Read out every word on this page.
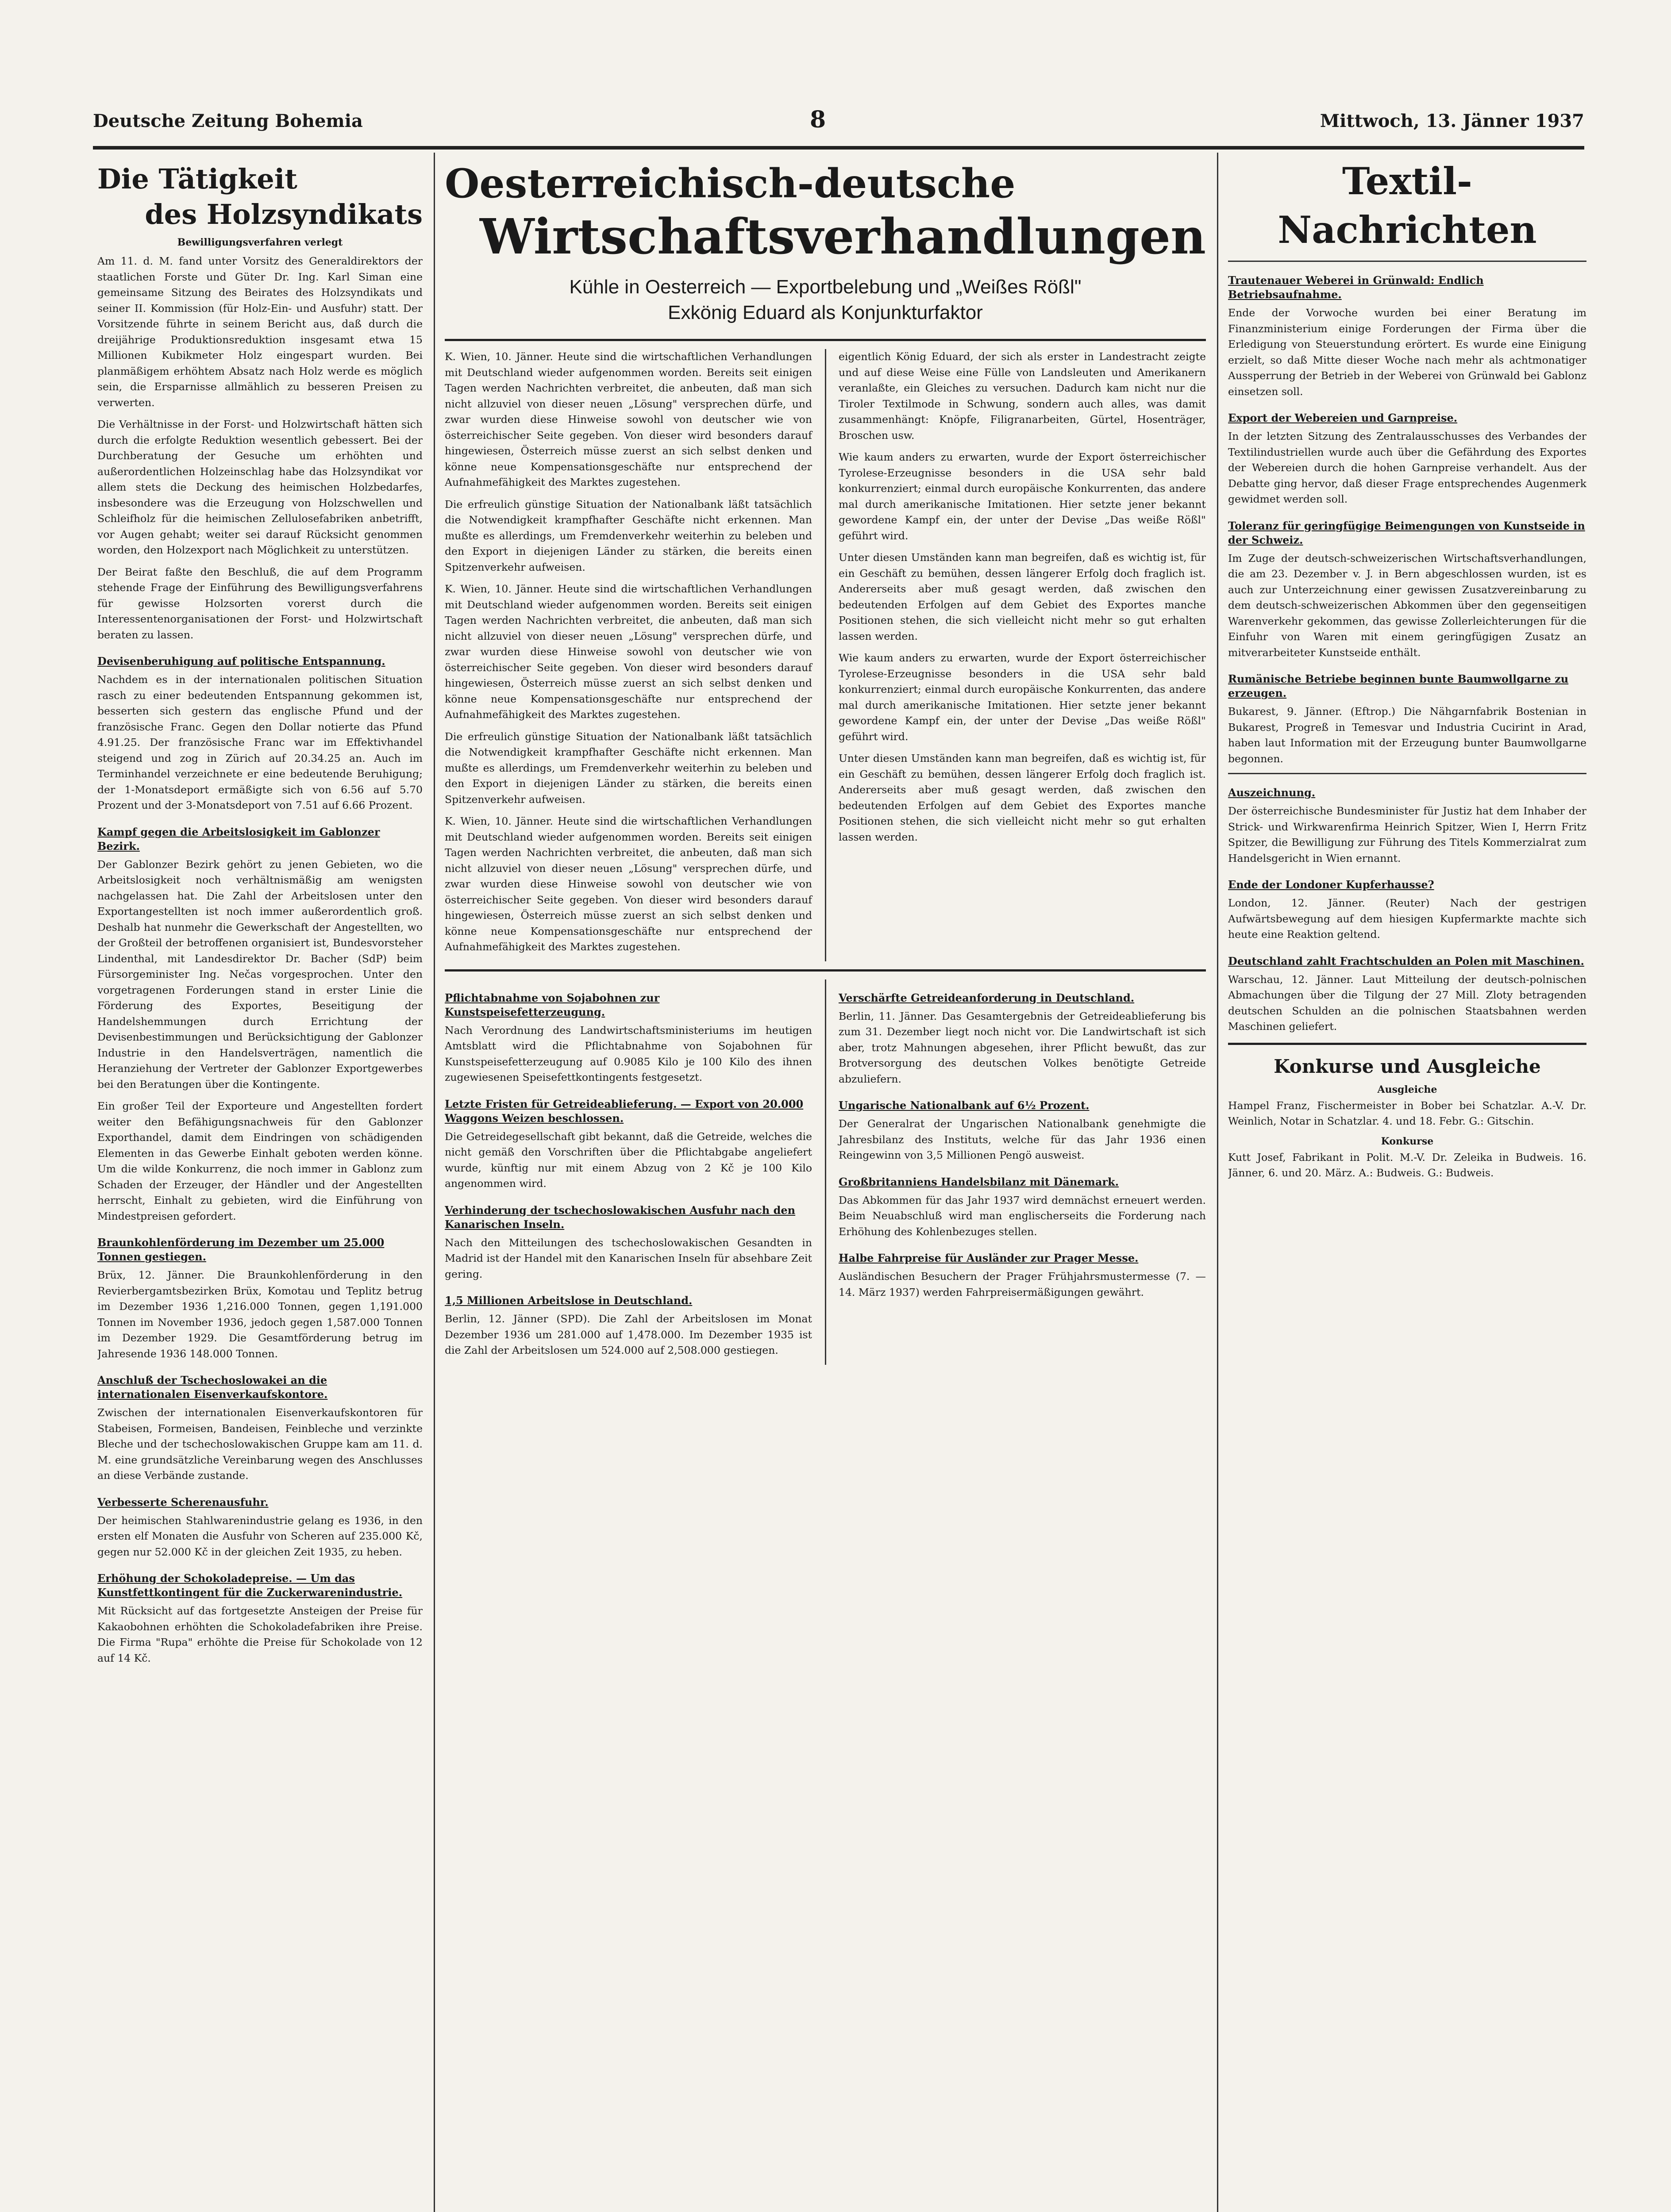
Deutsche Zeitung Bohemia	8	Mittwoch, 13. Jänner 1937
Die Tätigkeit
des Holzsyndikats
Bewilligungsverfahren verlegt

Am 11. d. M. fand unter Vorsitz des Generaldirektors der staatlichen Forste und Güter Dr. Ing. Karl Siman eine gemeinsame Sitzung des Beirates des Holzsyndikats und seiner II. Kommission (für Holz-Ein- und Ausfuhr) statt. Der Vorsitzende führte in seinem Bericht aus, daß durch die dreijährige Produktionsreduktion insgesamt etwa 15 Millionen Kubikmeter Holz eingespart wurden. Bei planmäßigem erhöhtem Absatz nach Holz werde es möglich sein, die Ersparnisse allmählich zu besseren Preisen zu verwerten.

Die Verhältnisse in der Forst- und Holzwirtschaft hätten sich durch die erfolgte Reduktion wesentlich gebessert. Bei der Durchberatung der Gesuche um erhöhten und außerordentlichen Holzeinschlag habe das Holzsyndikat vor allem stets die Deckung des heimischen Holzbedarfes, insbesondere was die Erzeugung von Holzschwellen und Schleifholz für die heimischen Zellulosefabriken anbetrifft, vor Augen gehabt; weiter sei darauf Rücksicht genommen worden, den Holzexport nach Möglichkeit zu unterstützen.

Der Beirat faßte den Beschluß, die auf dem Programm stehende Frage der Einführung des Bewilligungsverfahrens für gewisse Holzsorten vorerst durch die Interessentenorganisationen der Forst- und Holzwirtschaft beraten zu lassen.

Devisenberuhigung auf politische Entspannung.

Nachdem es in der internationalen politischen Situation rasch zu einer bedeutenden Entspannung gekommen ist, besserten sich gestern das englische Pfund und der französische Franc. Gegen den Dollar notierte das Pfund 4.91.25. Der französische Franc war im Effektivhandel steigend und zog in Zürich auf 20.34.25 an. Auch im Terminhandel verzeichnete er eine bedeutende Beruhigung; der 1-Monatsdeport ermäßigte sich von 6.56 auf 5.70 Prozent und der 3-Monatsdeport von 7.51 auf 6.66 Prozent.

Kampf gegen die Arbeitslosigkeit im Gablonzer Bezirk.

Der Gablonzer Bezirk gehört zu jenen Gebieten, wo die Arbeitslosigkeit noch verhältnismäßig am wenigsten nachgelassen hat. Die Zahl der Arbeitslosen unter den Exportangestellten ist noch immer außerordentlich groß. Deshalb hat nunmehr die Gewerkschaft der Angestellten, wo der Großteil der betroffenen organisiert ist, Bundesvorsteher Lindenthal, mit Landesdirektor Dr. Bacher (SdP) beim Fürsorgeminister Ing. Nečas vorgesprochen. Unter den vorgetragenen Forderungen stand in erster Linie die Förderung des Exportes, Beseitigung der Handelshemmungen durch Errichtung der Devisenbestimmungen und Berücksichtigung der Gablonzer Industrie in den Handelsverträgen, namentlich die Heranziehung der Vertreter der Gablonzer Exportgewerbes bei den Beratungen über die Kontingente.

Ein großer Teil der Exporteure und Angestellten fordert weiter den Befähigungsnachweis für den Gablonzer Exporthandel, damit dem Eindringen von schädigenden Elementen in das Gewerbe Einhalt geboten werden könne. Um die wilde Konkurrenz, die noch immer in Gablonz zum Schaden der Erzeuger, der Händler und der Angestellten herrscht, Einhalt zu gebieten, wird die Einführung von Mindestpreisen gefordert.

Braunkohlenförderung im Dezember um 25.000 Tonnen gestiegen.

Brüx, 12. Jänner. Die Braunkohlenförderung in den Revierbergamtsbezirken Brüx, Komotau und Teplitz betrug im Dezember 1936 1,216.000 Tonnen, gegen 1,191.000 Tonnen im November 1936, jedoch gegen 1,587.000 Tonnen im Dezember 1929. Die Gesamtförderung betrug im Jahresende 1936 148.000 Tonnen.

Anschluß der Tschechoslowakei an die internationalen Eisenverkaufskontore.

Zwischen der internationalen Eisenverkaufskontoren für Stabeisen, Formeisen, Bandeisen, Feinbleche und verzinkte Bleche und der tschechoslowakischen Gruppe kam am 11. d. M. eine grundsätzliche Vereinbarung wegen des Anschlusses an diese Verbände zustande.

Verbesserte Scherenausfuhr.

Der heimischen Stahlwarenindustrie gelang es 1936, in den ersten elf Monaten die Ausfuhr von Scheren auf 235.000 Kč, gegen nur 52.000 Kč in der gleichen Zeit 1935, zu heben.

Erhöhung der Schokoladepreise. — Um das Kunstfettkontingent für die Zuckerwarenindustrie.

Mit Rücksicht auf das fortgesetzte Ansteigen der Preise für Kakaobohnen erhöhten die Schokoladefabriken ihre Preise. Die Firma "Rupa" erhöhte die Preise für Schokolade von 12 auf 14 Kč.

Oesterreichisch-deutsche
Wirtschaftsverhandlungen
Kühle in Oesterreich — Exportbelebung und „Weißes Rößl"
Exkönig Eduard als Konjunkturfaktor

K. Wien, 10. Jänner. Heute sind die wirtschaftlichen Verhandlungen mit Deutschland wieder aufgenommen worden. Bereits seit einigen Tagen werden Nachrichten verbreitet, die anbeuten, daß man sich nicht allzuviel von dieser neuen „Lösung" versprechen dürfe, und zwar wurden diese Hinweise sowohl von deutscher wie von österreichischer Seite gegeben. Von dieser wird besonders darauf hingewiesen, Österreich müsse zuerst an sich selbst denken und könne neue Kompensationsgeschäfte nur entsprechend der Aufnahmefähigkeit des Marktes zugestehen.

Die erfreulich günstige Situation der Nationalbank läßt tatsächlich die Notwendigkeit krampfhafter Geschäfte nicht erkennen. Man mußte es allerdings, um Fremdenverkehr weiterhin zu beleben und den Export in diejenigen Länder zu stärken, die bereits einen Spitzenverkehr aufweisen.

K. Wien, 10. Jänner. Heute sind die wirtschaftlichen Verhandlungen mit Deutschland wieder aufgenommen worden. Bereits seit einigen Tagen werden Nachrichten verbreitet, die anbeuten, daß man sich nicht allzuviel von dieser neuen „Lösung" versprechen dürfe, und zwar wurden diese Hinweise sowohl von deutscher wie von österreichischer Seite gegeben. Von dieser wird besonders darauf hingewiesen, Österreich müsse zuerst an sich selbst denken und könne neue Kompensationsgeschäfte nur entsprechend der Aufnahmefähigkeit des Marktes zugestehen.

Die erfreulich günstige Situation der Nationalbank läßt tatsächlich die Notwendigkeit krampfhafter Geschäfte nicht erkennen. Man mußte es allerdings, um Fremdenverkehr weiterhin zu beleben und den Export in diejenigen Länder zu stärken, die bereits einen Spitzenverkehr aufweisen.

K. Wien, 10. Jänner. Heute sind die wirtschaftlichen Verhandlungen mit Deutschland wieder aufgenommen worden. Bereits seit einigen Tagen werden Nachrichten verbreitet, die anbeuten, daß man sich nicht allzuviel von dieser neuen „Lösung" versprechen dürfe, und zwar wurden diese Hinweise sowohl von deutscher wie von österreichischer Seite gegeben. Von dieser wird besonders darauf hingewiesen, Österreich müsse zuerst an sich selbst denken und könne neue Kompensationsgeschäfte nur entsprechend der Aufnahmefähigkeit des Marktes zugestehen.

eigentlich König Eduard, der sich als erster in Landestracht zeigte und auf diese Weise eine Fülle von Landsleuten und Amerikanern veranlaßte, ein Gleiches zu versuchen. Dadurch kam nicht nur die Tiroler Textilmode in Schwung, sondern auch alles, was damit zusammenhängt: Knöpfe, Filigranarbeiten, Gürtel, Hosenträger, Broschen usw.

Wie kaum anders zu erwarten, wurde der Export österreichischer Tyrolese-Erzeugnisse besonders in die USA sehr bald konkurrenziert; einmal durch europäische Konkurrenten, das andere mal durch amerikanische Imitationen. Hier setzte jener bekannt gewordene Kampf ein, der unter der Devise „Das weiße Rößl" geführt wird.

Unter diesen Umständen kann man begreifen, daß es wichtig ist, für ein Geschäft zu bemühen, dessen längerer Erfolg doch fraglich ist. Andererseits aber muß gesagt werden, daß zwischen den bedeutenden Erfolgen auf dem Gebiet des Exportes manche Positionen stehen, die sich vielleicht nicht mehr so gut erhalten lassen werden.

Wie kaum anders zu erwarten, wurde der Export österreichischer Tyrolese-Erzeugnisse besonders in die USA sehr bald konkurrenziert; einmal durch europäische Konkurrenten, das andere mal durch amerikanische Imitationen. Hier setzte jener bekannt gewordene Kampf ein, der unter der Devise „Das weiße Rößl" geführt wird.

Unter diesen Umständen kann man begreifen, daß es wichtig ist, für ein Geschäft zu bemühen, dessen längerer Erfolg doch fraglich ist. Andererseits aber muß gesagt werden, daß zwischen den bedeutenden Erfolgen auf dem Gebiet des Exportes manche Positionen stehen, die sich vielleicht nicht mehr so gut erhalten lassen werden.

Pflichtabnahme von Sojabohnen zur Kunstspeisefetterzeugung.

Nach Verordnung des Landwirtschaftsministeriums im heutigen Amtsblatt wird die Pflichtabnahme von Sojabohnen für Kunstspeisefetterzeugung auf 0.9085 Kilo je 100 Kilo des ihnen zugewiesenen Speisefettkontingents festgesetzt.

Letzte Fristen für Getreideablieferung. — Export von 20.000 Waggons Weizen beschlossen.

Die Getreidegesellschaft gibt bekannt, daß die Getreide, welches die nicht gemäß den Vorschriften über die Pflichtabgabe angeliefert wurde, künftig nur mit einem Abzug von 2 Kč je 100 Kilo angenommen wird.

Verhinderung der tschechoslowakischen Ausfuhr nach den Kanarischen Inseln.

Nach den Mitteilungen des tschechoslowakischen Gesandten in Madrid ist der Handel mit den Kanarischen Inseln für absehbare Zeit gering.

1,5 Millionen Arbeitslose in Deutschland.

Berlin, 12. Jänner (SPD). Die Zahl der Arbeitslosen im Monat Dezember 1936 um 281.000 auf 1,478.000. Im Dezember 1935 ist die Zahl der Arbeitslosen um 524.000 auf 2,508.000 gestiegen.

Verschärfte Getreideanforderung in Deutschland.

Berlin, 11. Jänner. Das Gesamtergebnis der Getreideablieferung bis zum 31. Dezember liegt noch nicht vor. Die Landwirtschaft ist sich aber, trotz Mahnungen abgesehen, ihrer Pflicht bewußt, das zur Brotversorgung des deutschen Volkes benötigte Getreide abzuliefern.

Ungarische Nationalbank auf 6½ Prozent.

Der Generalrat der Ungarischen Nationalbank genehmigte die Jahresbilanz des Instituts, welche für das Jahr 1936 einen Reingewinn von 3,5 Millionen Pengö ausweist.

Großbritanniens Handelsbilanz mit Dänemark.

Das Abkommen für das Jahr 1937 wird demnächst erneuert werden. Beim Neuabschluß wird man englischerseits die Forderung nach Erhöhung des Kohlenbezuges stellen.

Halbe Fahrpreise für Ausländer zur Prager Messe.

Ausländischen Besuchern der Prager Frühjahrsmustermesse (7. — 14. März 1937) werden Fahrpreisermäßigungen gewährt.

Textil-Nachrichten
Trautenauer Weberei in Grünwald: Endlich Betriebsaufnahme.

Ende der Vorwoche wurden bei einer Beratung im Finanzministerium einige Forderungen der Firma über die Erledigung von Steuerstundung erörtert. Es wurde eine Einigung erzielt, so daß Mitte dieser Woche nach mehr als achtmonatiger Aussperrung der Betrieb in der Weberei von Grünwald bei Gablonz einsetzen soll.

Export der Webereien und Garnpreise.

In der letzten Sitzung des Zentralausschusses des Verbandes der Textilindustriellen wurde auch über die Gefährdung des Exportes der Webereien durch die hohen Garnpreise verhandelt. Aus der Debatte ging hervor, daß dieser Frage entsprechendes Augenmerk gewidmet werden soll.

Toleranz für geringfügige Beimengungen von Kunstseide in der Schweiz.

Im Zuge der deutsch-schweizerischen Wirtschaftsverhandlungen, die am 23. Dezember v. J. in Bern abgeschlossen wurden, ist es auch zur Unterzeichnung einer gewissen Zusatzvereinbarung zu dem deutsch-schweizerischen Abkommen über den gegenseitigen Warenverkehr gekommen, das gewisse Zollerleichterungen für die Einfuhr von Waren mit einem geringfügigen Zusatz an mitverarbeiteter Kunstseide enthält.

Rumänische Betriebe beginnen bunte Baumwollgarne zu erzeugen.

Bukarest, 9. Jänner. (Eftrop.) Die Nähgarnfabrik Bostenian in Bukarest, Progreß in Temesvar und Industria Cucirint in Arad, haben laut Information mit der Erzeugung bunter Baumwollgarne begonnen.

Auszeichnung.

Der österreichische Bundesminister für Justiz hat dem Inhaber der Strick- und Wirkwarenfirma Heinrich Spitzer, Wien I, Herrn Fritz Spitzer, die Bewilligung zur Führung des Titels Kommerzialrat zum Handelsgericht in Wien ernannt.

Ende der Londoner Kupferhausse?

London, 12. Jänner. (Reuter) Nach der gestrigen Aufwärtsbewegung auf dem hiesigen Kupfermarkte machte sich heute eine Reaktion geltend.

Deutschland zahlt Frachtschulden an Polen mit Maschinen.

Warschau, 12. Jänner. Laut Mitteilung der deutsch-polnischen Abmachungen über die Tilgung der 27 Mill. Zloty betragenden deutschen Schulden an die polnischen Staatsbahnen werden Maschinen geliefert.

Konkurse und Ausgleiche
Ausgleiche

Hampel Franz, Fischermeister in Bober bei Schatzlar. A.-V. Dr. Weinlich, Notar in Schatzlar. 4. und 18. Febr. G.: Gitschin.

Konkurse

Kutt Josef, Fabrikant in Polit. M.-V. Dr. Zeleika in Budweis. 16. Jänner, 6. und 20. März. A.: Budweis. G.: Budweis.
